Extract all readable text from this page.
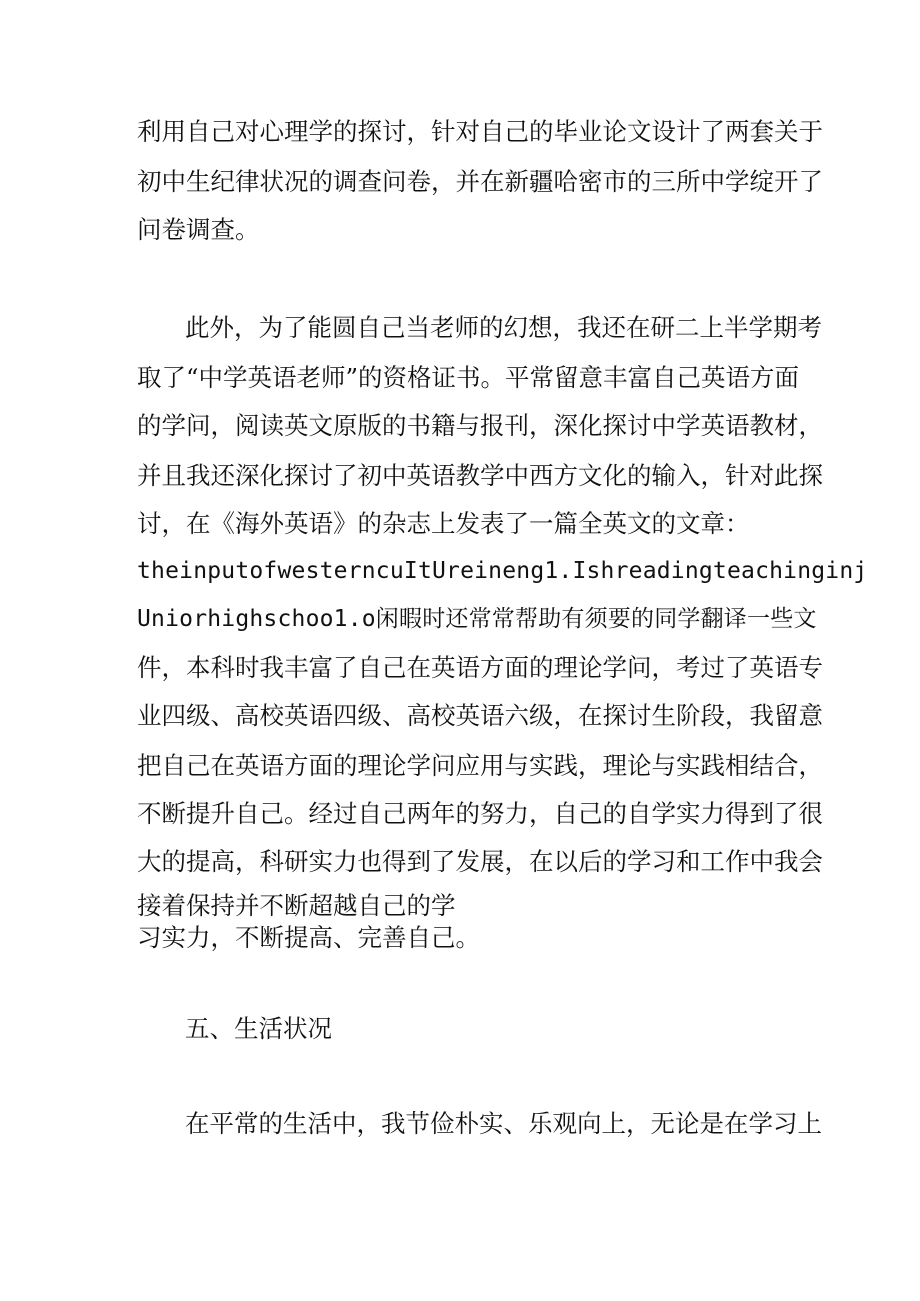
利用自己对心理学的探讨，针对自己的毕业论文设计了两套关于
初中生纪律状况的调查问卷，并在新疆哈密市的三所中学绽开了
问卷调查。
此外，为了能圆自己当老师的幻想，我还在研二上半学期考
取了“中学英语老师”的资格证书。平常留意丰富自己英语方面
的学问，阅读英文原版的书籍与报刊，深化探讨中学英语教材，
并且我还深化探讨了初中英语教学中西方文化的输入，针对此探
讨，在《海外英语》的杂志上发表了一篇全英文的文章：
theinputofwesterncuItUreineng1.Ishreadingteachinginj
Uniorhighschoo1.o闲暇时还常常帮助有须要的同学翻译一些文
件，本科时我丰富了自己在英语方面的理论学问，考过了英语专
业四级、高校英语四级、高校英语六级，在探讨生阶段，我留意
把自己在英语方面的理论学问应用与实践，理论与实践相结合，
不断提升自己。经过自己两年的努力，自己的自学实力得到了很
大的提高，科研实力也得到了发展，在以后的学习和工作中我会
接着保持并不断超越自己的学
习实力，不断提高、完善自己。
五、生活状况
在平常的生活中，我节俭朴实、乐观向上，无论是在学习上
